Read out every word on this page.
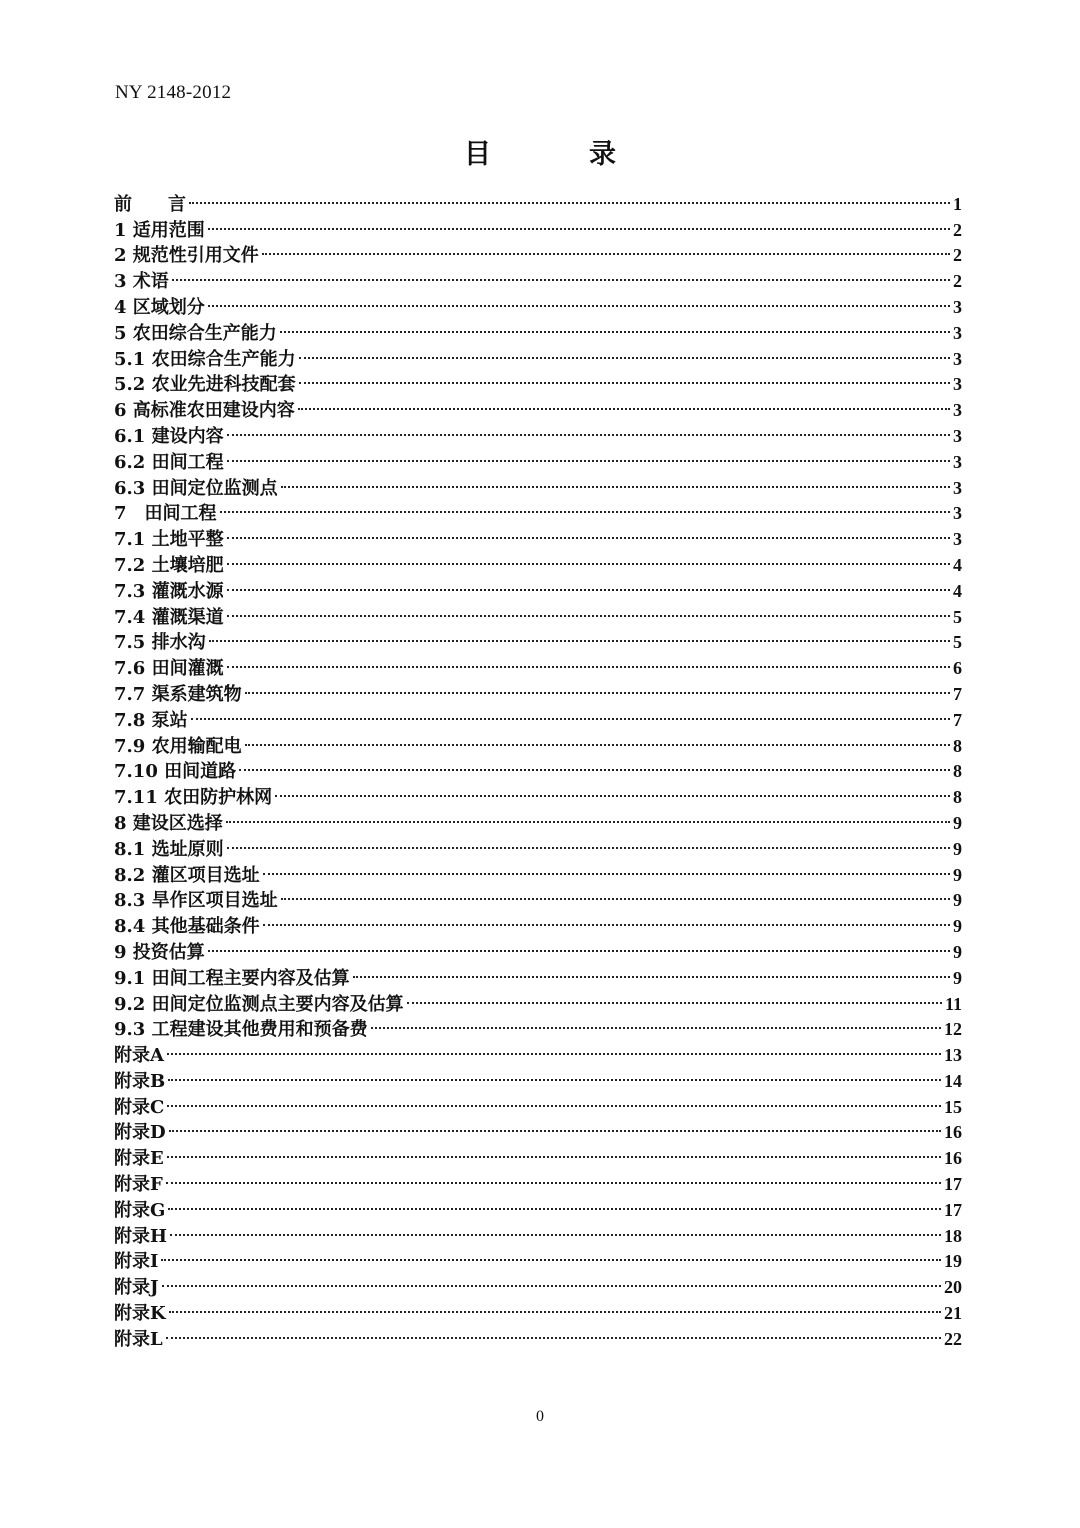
NY 2148-2012
目	录
前　　言	1
1 适用范围	2
2 规范性引用文件	2
3 术语	2
4 区域划分	3
5 农田综合生产能力	3
5.1 农田综合生产能力	3
5.2 农业先进科技配套	3
6 高标准农田建设内容	3
6.1 建设内容	3
6.2 田间工程	3
6.3 田间定位监测点	3
7　田间工程	3
7.1 土地平整	3
7.2 土壤培肥	4
7.3 灌溉水源	4
7.4 灌溉渠道	5
7.5 排水沟	5
7.6 田间灌溉	6
7.7 渠系建筑物	7
7.8 泵站	7
7.9 农用输配电	8
7.10 田间道路	8
7.11 农田防护林网	8
8 建设区选择	9
8.1 选址原则	9
8.2 灌区项目选址	9
8.3 旱作区项目选址	9
8.4 其他基础条件	9
9 投资估算	9
9.1 田间工程主要内容及估算	9
9.2 田间定位监测点主要内容及估算	11
9.3 工程建设其他费用和预备费	12
附录A	13
附录B	14
附录C	15
附录D	16
附录E	16
附录F	17
附录G	17
附录H	18
附录I	19
附录J	20
附录K	21
附录L	22
0
